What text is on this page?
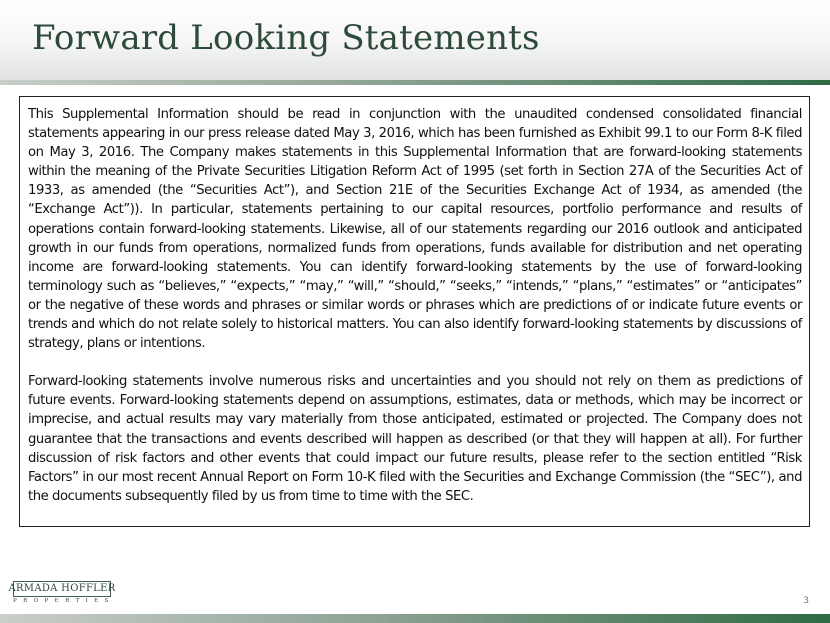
Forward Looking Statements

This Supplemental Information should be read in conjunction with the unaudited condensed consolidated financial statements appearing in our press release dated May 3, 2016, which has been furnished as Exhibit 99.1 to our Form 8-K filed on May 3, 2016. The Company makes statements in this Supplemental Information that are forward-looking statements within the meaning of the Private Securities Litigation Reform Act of 1995 (set forth in Section 27A of the Securities Act of 1933, as amended (the “Securities Act”), and Section 21E of the Securities Exchange Act of 1934, as amended (the “Exchange Act”)). In particular, statements pertaining to our capital resources, portfolio performance and results of operations contain forward-looking statements. Likewise, all of our statements regarding our 2016 outlook and anticipated growth in our funds from operations, normalized funds from operations, funds available for distribution and net operating income are forward-looking statements. You can identify forward-looking statements by the use of forward-looking terminology such as “believes,” “expects,” “may,” “will,” “should,” “seeks,” “intends,” “plans,” “estimates” or “anticipates” or the negative of these words and phrases or similar words or phrases which are predictions of or indicate future events or trends and which do not relate solely to historical matters. You can also identify forward-looking statements by discussions of strategy, plans or intentions.

Forward-looking statements involve numerous risks and uncertainties and you should not rely on them as predictions of future events. Forward-looking statements depend on assumptions, estimates, data or methods, which may be incorrect or imprecise, and actual results may vary materially from those anticipated, estimated or projected. The Company does not guarantee that the transactions and events described will happen as described (or that they will happen at all). For further discussion of risk factors and other events that could impact our future results, please refer to the section entitled “Risk Factors” in our most recent Annual Report on Form 10-K filed with the Securities and Exchange Commission (the “SEC”), and the documents subsequently filed by us from time to time with the SEC.

ARMADA HOFFLER
PROPERTIES	3
